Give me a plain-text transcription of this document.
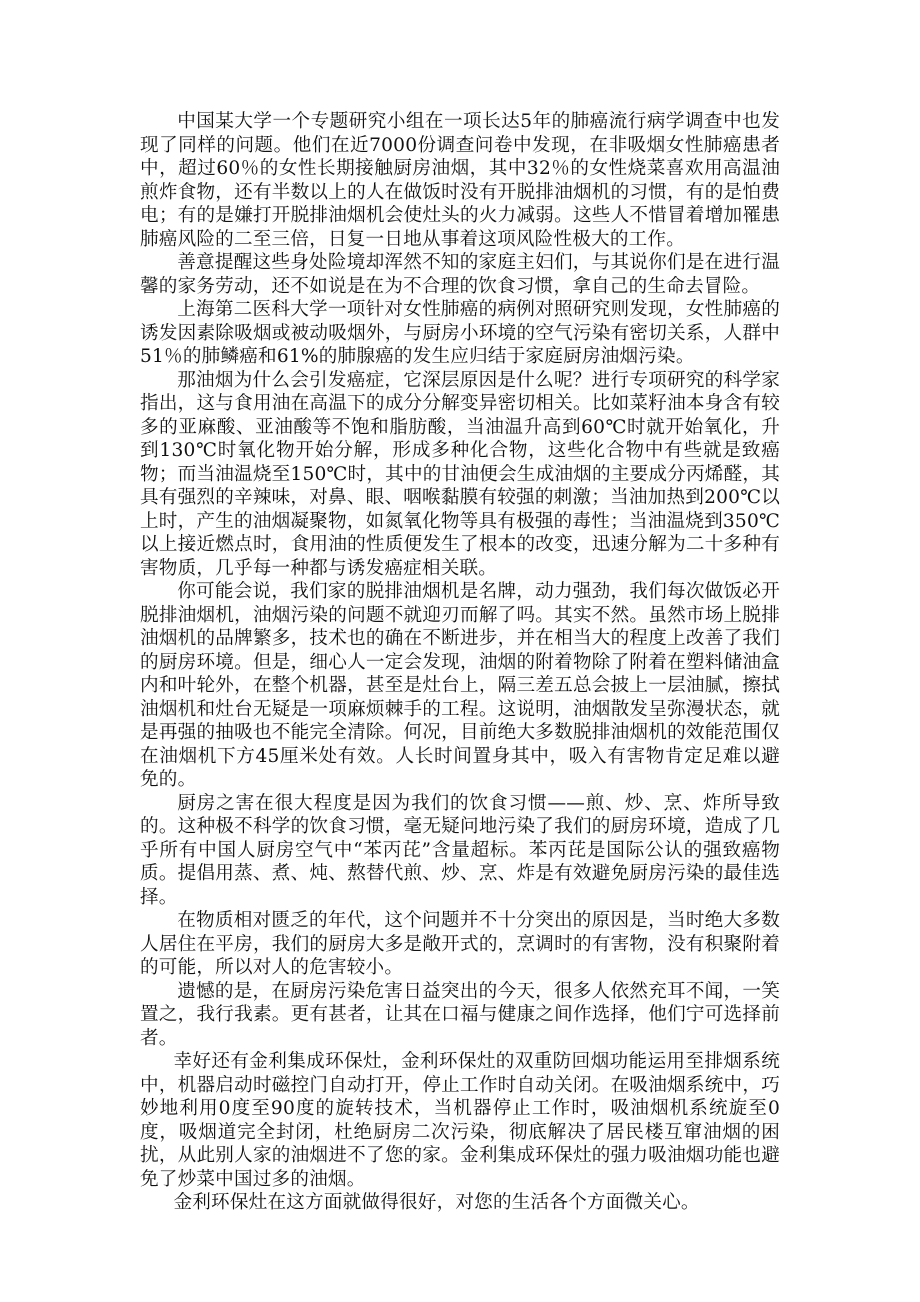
中国某大学一个专题研究小组在一项长达5年的肺癌流行病学调查中也发现了同样的问题。他们在近7000份调查问卷中发现，在非吸烟女性肺癌患者中，超过60％的女性长期接触厨房油烟，其中32％的女性烧菜喜欢用高温油煎炸食物，还有半数以上的人在做饭时没有开脱排油烟机的习惯，有的是怕费电；有的是嫌打开脱排油烟机会使灶头的火力减弱。这些人不惜冒着增加罹患肺癌风险的二至三倍，日复一日地从事着这项风险性极大的工作。

善意提醒这些身处险境却浑然不知的家庭主妇们，与其说你们是在进行温馨的家务劳动，还不如说是在为不合理的饮食习惯，拿自己的生命去冒险。

上海第二医科大学一项针对女性肺癌的病例对照研究则发现，女性肺癌的诱发因素除吸烟或被动吸烟外，与厨房小环境的空气污染有密切关系，人群中51％的肺鳞癌和61%的肺腺癌的发生应归结于家庭厨房油烟污染。

那油烟为什么会引发癌症，它深层原因是什么呢？进行专项研究的科学家指出，这与食用油在高温下的成分分解变异密切相关。比如菜籽油本身含有较多的亚麻酸、亚油酸等不饱和脂肪酸，当油温升高到60℃时就开始氧化，升到130℃时氧化物开始分解，形成多种化合物，这些化合物中有些就是致癌物；而当油温烧至150℃时，其中的甘油便会生成油烟的主要成分丙烯醛，其具有强烈的辛辣味，对鼻、眼、咽喉黏膜有较强的刺激；当油加热到200℃以上时，产生的油烟凝聚物，如氮氧化物等具有极强的毒性；当油温烧到350℃以上接近燃点时，食用油的性质便发生了根本的改变，迅速分解为二十多种有害物质，几乎每一种都与诱发癌症相关联。

你可能会说，我们家的脱排油烟机是名牌，动力强劲，我们每次做饭必开脱排油烟机，油烟污染的问题不就迎刃而解了吗。其实不然。虽然市场上脱排油烟机的品牌繁多，技术也的确在不断进步，并在相当大的程度上改善了我们的厨房环境。但是，细心人一定会发现，油烟的附着物除了附着在塑料储油盒内和叶轮外，在整个机器，甚至是灶台上，隔三差五总会披上一层油腻，擦拭油烟机和灶台无疑是一项麻烦棘手的工程。这说明，油烟散发呈弥漫状态，就是再强的抽吸也不能完全清除。何况，目前绝大多数脱排油烟机的效能范围仅在油烟机下方45厘米处有效。人长时间置身其中，吸入有害物肯定足难以避免的。

厨房之害在很大程度是因为我们的饮食习惯——煎、炒、烹、炸所导致的。这种极不科学的饮食习惯，毫无疑问地污染了我们的厨房环境，造成了几乎所有中国人厨房空气中“苯丙芘”含量超标。苯丙芘是国际公认的强致癌物质。提倡用蒸、煮、炖、熬替代煎、炒、烹、炸是有效避免厨房污染的最佳选择。

在物质相对匮乏的年代，这个问题并不十分突出的原因是，当时绝大多数人居住在平房，我们的厨房大多是敞开式的，烹调时的有害物，没有积聚附着的可能，所以对人的危害较小。

遗憾的是，在厨房污染危害日益突出的今天，很多人依然充耳不闻，一笑置之，我行我素。更有甚者，让其在口福与健康之间作选择，他们宁可选择前者。

幸好还有金利集成环保灶，金利环保灶的双重防回烟功能运用至排烟系统中，机器启动时磁控门自动打开，停止工作时自动关闭。在吸油烟系统中，巧妙地利用0度至90度的旋转技术，当机器停止工作时，吸油烟机系统旋至0度，吸烟道完全封闭，杜绝厨房二次污染，彻底解决了居民楼互窜油烟的困扰，从此别人家的油烟进不了您的家。金利集成环保灶的强力吸油烟功能也避免了炒菜中国过多的油烟。

金利环保灶在这方面就做得很好，对您的生活各个方面微关心。
